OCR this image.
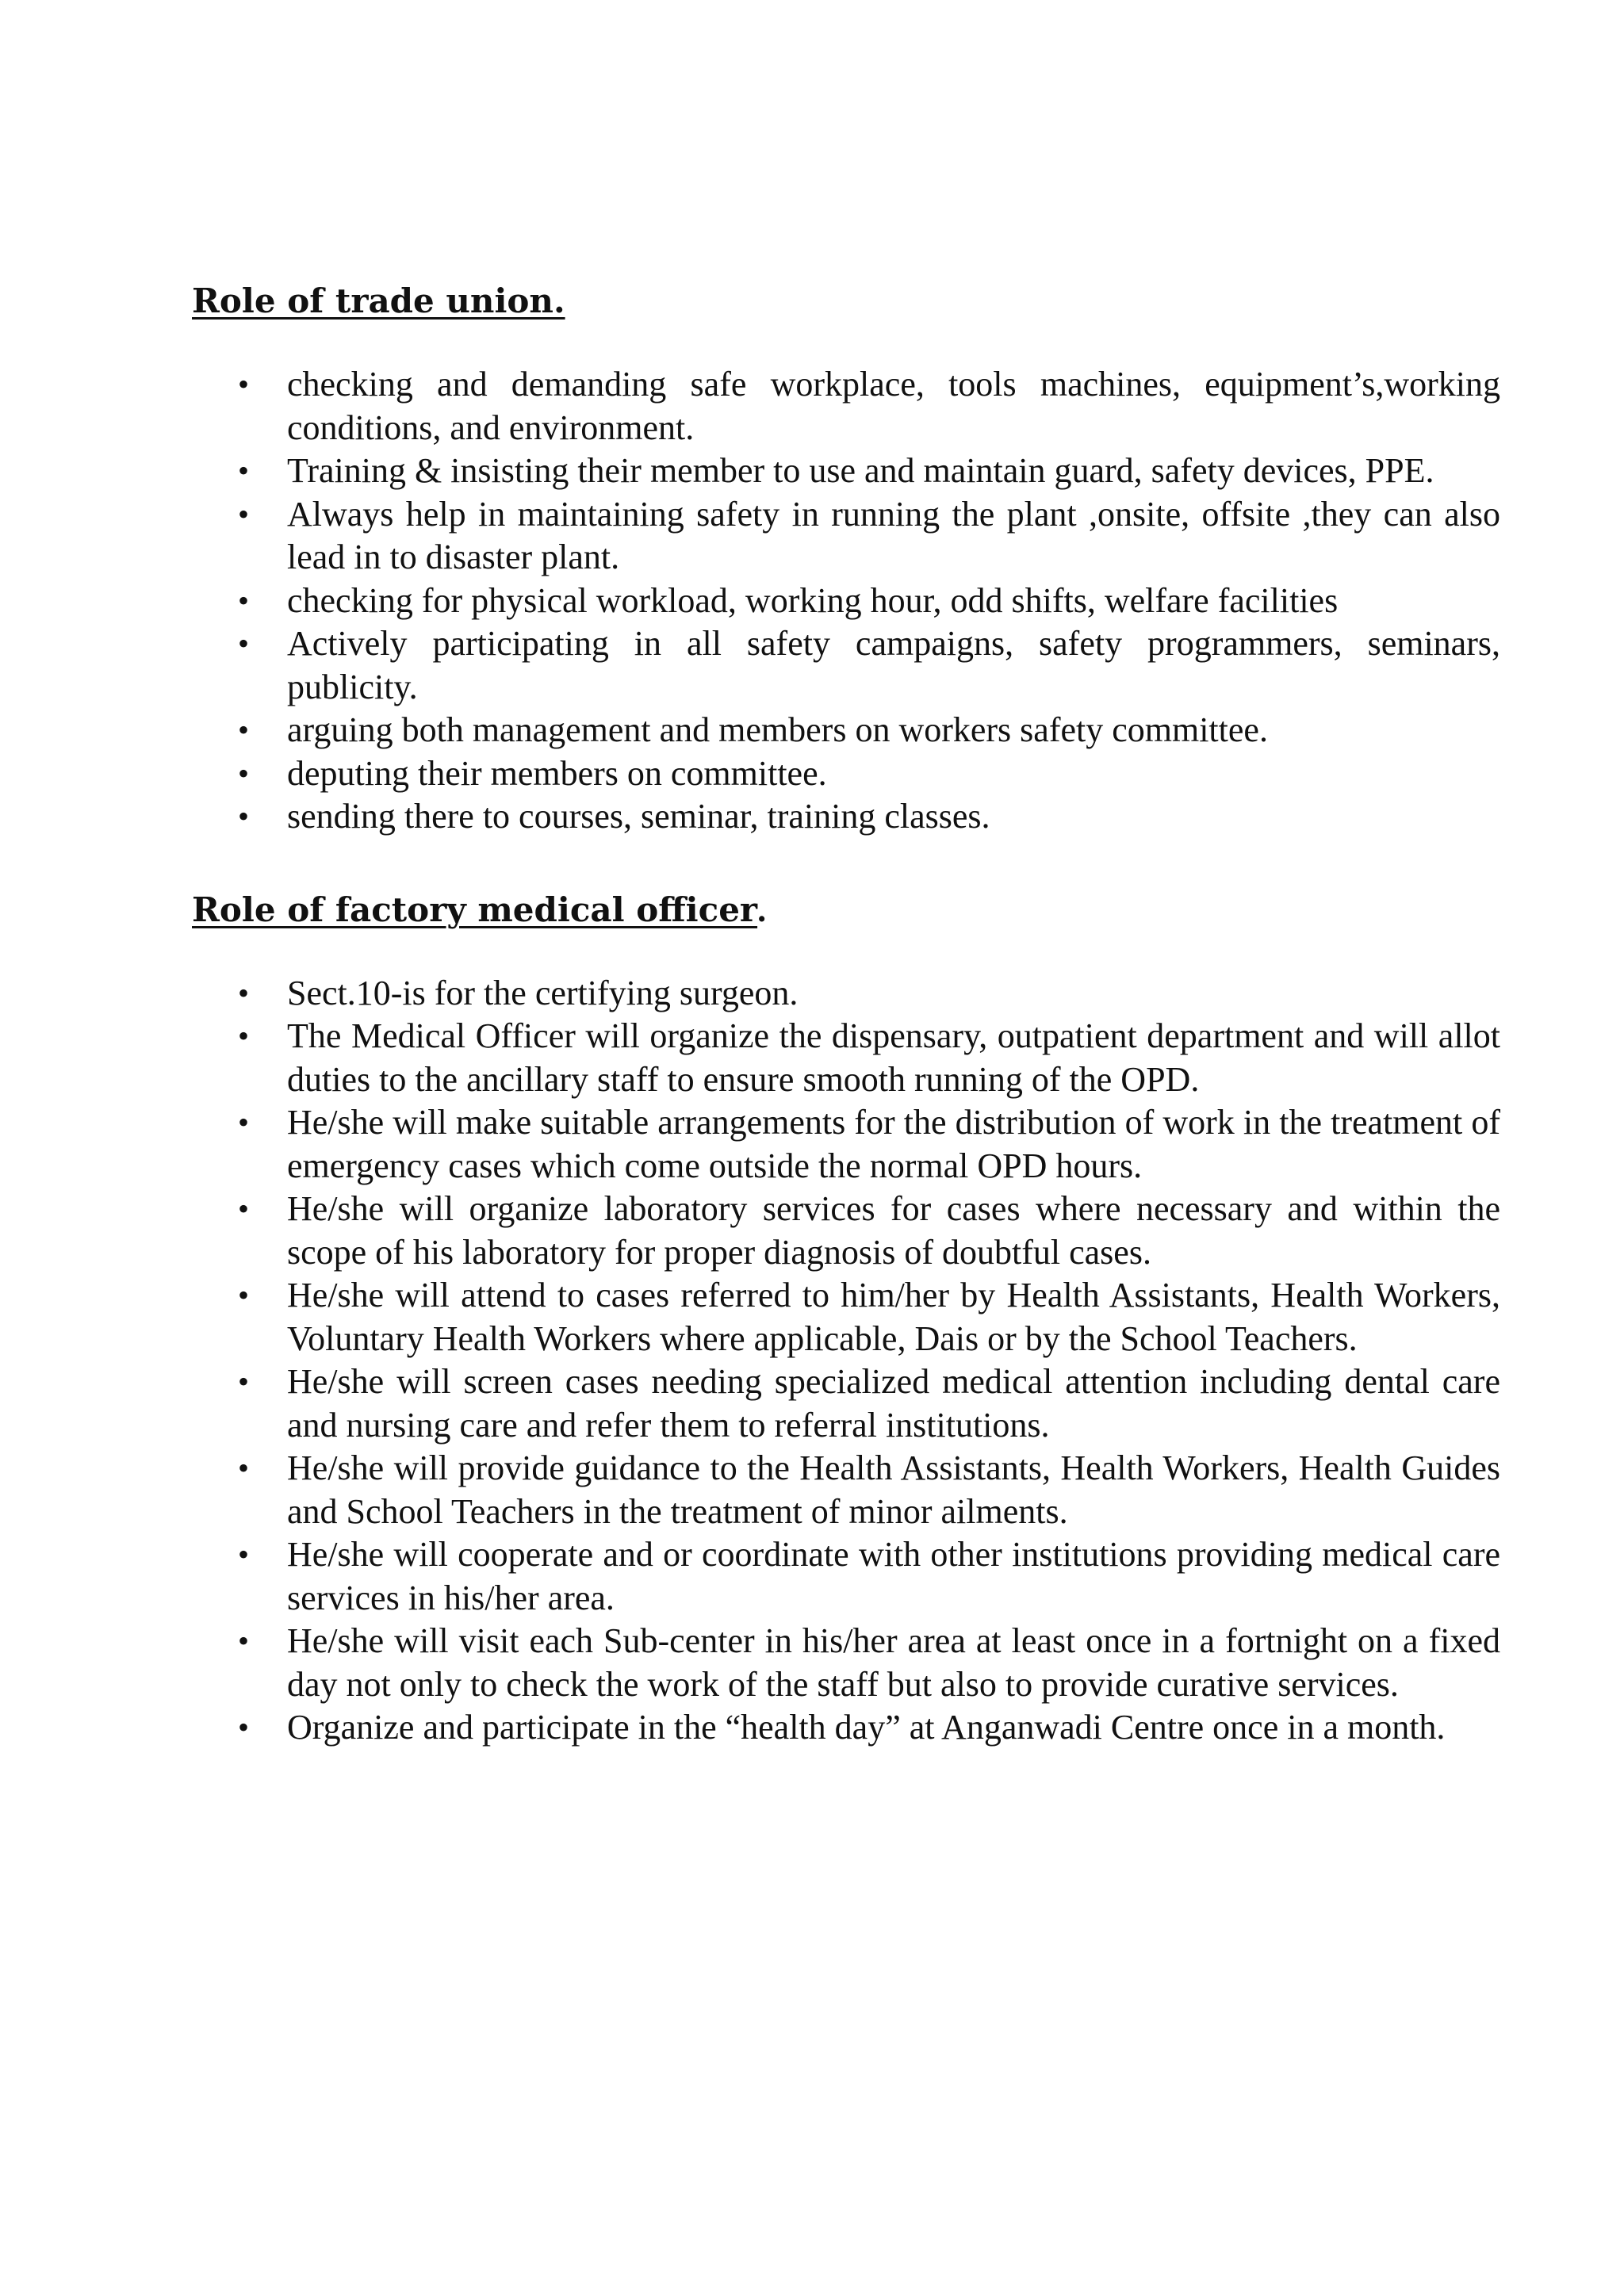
Role of trade union.
• checking and demanding safe workplace, tools machines, equipment’s,working conditions, and environment.
• Training & insisting their member to use and maintain guard, safety devices, PPE.
• Always help in maintaining safety in running the plant ,onsite, offsite ,they can also lead in to disaster plant.
• checking for physical workload, working hour, odd shifts, welfare facilities
• Actively participating in all safety campaigns, safety programmers, seminars, publicity.
• arguing both management and members on workers safety committee.
• deputing their members on committee.
• sending there to courses, seminar, training classes.
Role of factory medical officer.
• Sect.10-is for the certifying surgeon.
• The Medical Officer will organize the dispensary, outpatient department and will allot duties to the ancillary staff to ensure smooth running of the OPD.
• He/she will make suitable arrangements for the distribution of work in the treatment of emergency cases which come outside the normal OPD hours.
• He/she will organize laboratory services for cases where necessary and within the scope of his laboratory for proper diagnosis of doubtful cases.
• He/she will attend to cases referred to him/her by Health Assistants, Health Workers, Voluntary Health Workers where applicable, Dais or by the School Teachers.
• He/she will screen cases needing specialized medical attention including dental care and nursing care and refer them to referral institutions.
• He/she will provide guidance to the Health Assistants, Health Workers, Health Guides and School Teachers in the treatment of minor ailments.
• He/she will cooperate and or coordinate with other institutions providing medical care services in his/her area.
• He/she will visit each Sub-center in his/her area at least once in a fortnight on a fixed day not only to check the work of the staff but also to provide curative services.
• Organize and participate in the “health day” at Anganwadi Centre once in a month.
